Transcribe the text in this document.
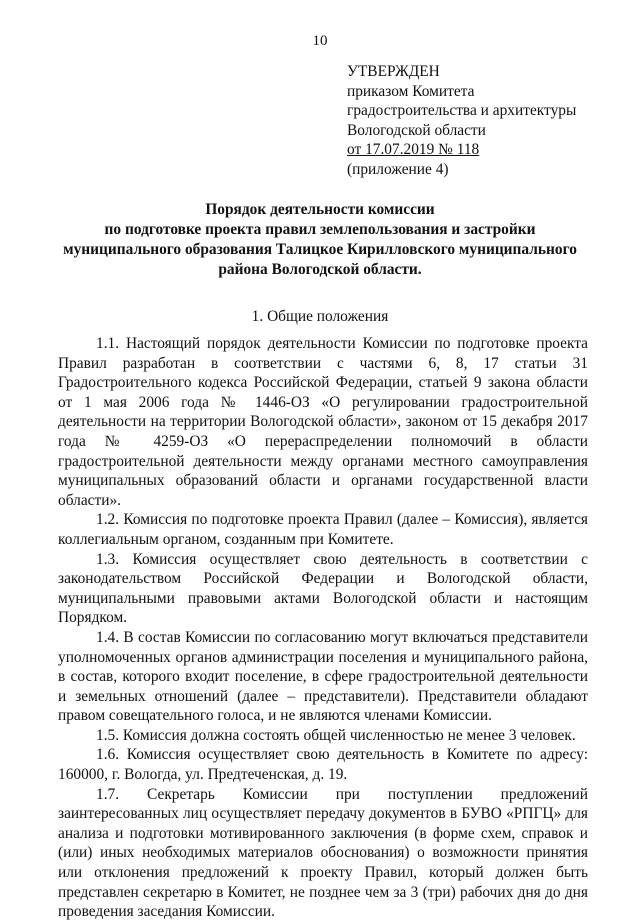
10
УТВЕРЖДЕН
приказом Комитета
градостроительства и архитектуры
Вологодской области
от 17.07.2019 № 118
(приложение 4)
Порядок деятельности комиссии
по подготовке проекта правил землепользования и застройки
муниципального образования Талицкое Кирилловского муниципального
района Вологодской области.
1. Общие положения

1.1. Настоящий порядок деятельности Комиссии по подготовке проекта Правил разработан в соответствии с частями 6, 8, 17 статьи 31 Градостроительного кодекса Российской Федерации, статьей 9 закона области от 1 мая 2006 года № 1446-ОЗ «О регулировании градостроительной деятельности на территории Вологодской области», законом от 15 декабря 2017 года № 4259-ОЗ «О перераспределении полномочий в области градостроительной деятельности между органами местного самоуправления муниципальных образований области и органами государственной власти области».

1.2. Комиссия по подготовке проекта Правил (далее – Комиссия), является коллегиальным органом, созданным при Комитете.

1.3. Комиссия осуществляет свою деятельность в соответствии с законодательством Российской Федерации и Вологодской области, муниципальными правовыми актами Вологодской области и настоящим Порядком.

1.4. В состав Комиссии по согласованию могут включаться представители уполномоченных органов администрации поселения и муниципального района, в состав, которого входит поселение, в сфере градостроительной деятельности и земельных отношений (далее – представители). Представители обладают правом совещательного голоса, и не являются членами Комиссии.

1.5. Комиссия должна состоять общей численностью не менее 3 человек.

1.6. Комиссия осуществляет свою деятельность в Комитете по адресу: 160000, г. Вологда, ул. Предтеченская, д. 19.

1.7. Секретарь Комиссии при поступлении предложений заинтересованных лиц осуществляет передачу документов в БУВО «РПГЦ» для анализа и подготовки мотивированного заключения (в форме схем, справок и (или) иных необходимых материалов обоснования) о возможности принятия или отклонения предложений к проекту Правил, который должен быть представлен секретарю в Комитет, не позднее чем за 3 (три) рабочих дня до дня проведения заседания Комиссии.
